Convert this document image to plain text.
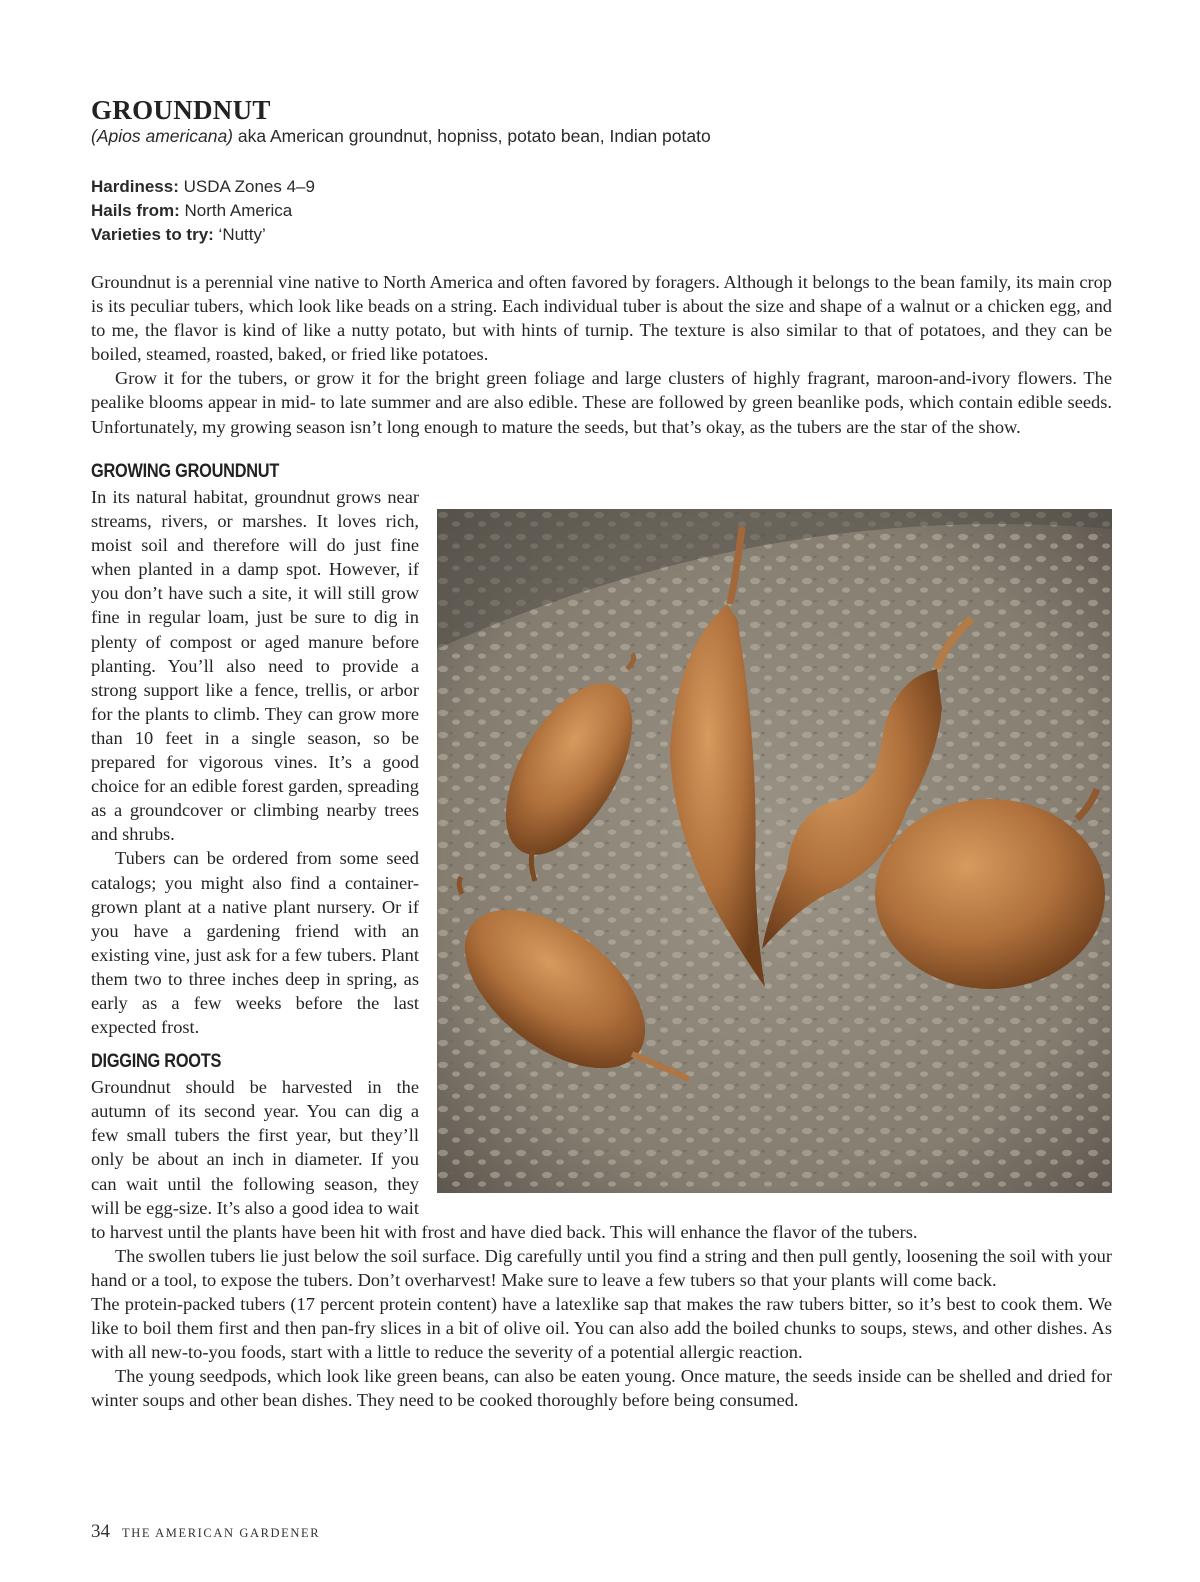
GROUNDNUT
(Apios americana) aka American groundnut, hopniss, potato bean, Indian potato
Hardiness: USDA Zones 4–9
Hails from: North America
Varieties to try: ‘Nutty’

Groundnut is a perennial vine native to North America and often favored by foragers. Although it belongs to the bean family, its main crop is its peculiar tubers, which look like beads on a string. Each individual tuber is about the size and shape of a walnut or a chicken egg, and to me, the flavor is kind of like a nutty potato, but with hints of turnip. The texture is also similar to that of potatoes, and they can be boiled, steamed, roasted, baked, or fried like potatoes.

Grow it for the tubers, or grow it for the bright green foliage and large clusters of highly fragrant, maroon-and-ivory flowers. The pealike blooms appear in mid- to late summer and are also edible. These are followed by green beanlike pods, which contain edible seeds. Unfortunately, my growing season isn’t long enough to mature the seeds, but that’s okay, as the tubers are the star of the show.

GROWING GROUNDNUT

In its natural habitat, groundnut grows near streams, rivers, or marshes. It loves rich, moist soil and therefore will do just fine when planted in a damp spot. However, if you don’t have such a site, it will still grow fine in regular loam, just be sure to dig in plenty of compost or aged manure before planting. You’ll also need to provide a strong support like a fence, trellis, or arbor for the plants to climb. They can grow more than 10 feet in a single season, so be prepared for vigorous vines. It’s a good choice for an edible forest garden, spreading as a groundcover or climbing nearby trees and shrubs.

Tubers can be ordered from some seed catalogs; you might also find a container-grown plant at a native plant nursery. Or if you have a gardening friend with an existing vine, just ask for a few tubers. Plant them two to three inches deep in spring, as early as a few weeks before the last expected frost.

DIGGING ROOTS

Groundnut should be harvested in the autumn of its second year. You can dig a few small tubers the first year, but they’ll only be about an inch in diameter. If you can wait until the following season, they will be egg-size. It’s also a good idea to wait to harvest until the plants have been hit with frost and have died back. This will enhance the flavor of the tubers.

The swollen tubers lie just below the soil surface. Dig carefully until you find a string and then pull gently, loosening the soil with your hand or a tool, to expose the tubers. Don’t overharvest! Make sure to leave a few tubers so that your plants will come back.

The protein-packed tubers (17 percent protein content) have a latexlike sap that makes the raw tubers bitter, so it’s best to cook them. We like to boil them first and then pan-fry slices in a bit of olive oil. You can also add the boiled chunks to soups, stews, and other dishes. As with all new-to-you foods, start with a little to reduce the severity of a potential allergic reaction.

The young seedpods, which look like green beans, can also be eaten young. Once mature, the seeds inside can be shelled and dried for winter soups and other bean dishes. They need to be cooked thoroughly before being consumed.

34 THE AMERICAN GARDENER
